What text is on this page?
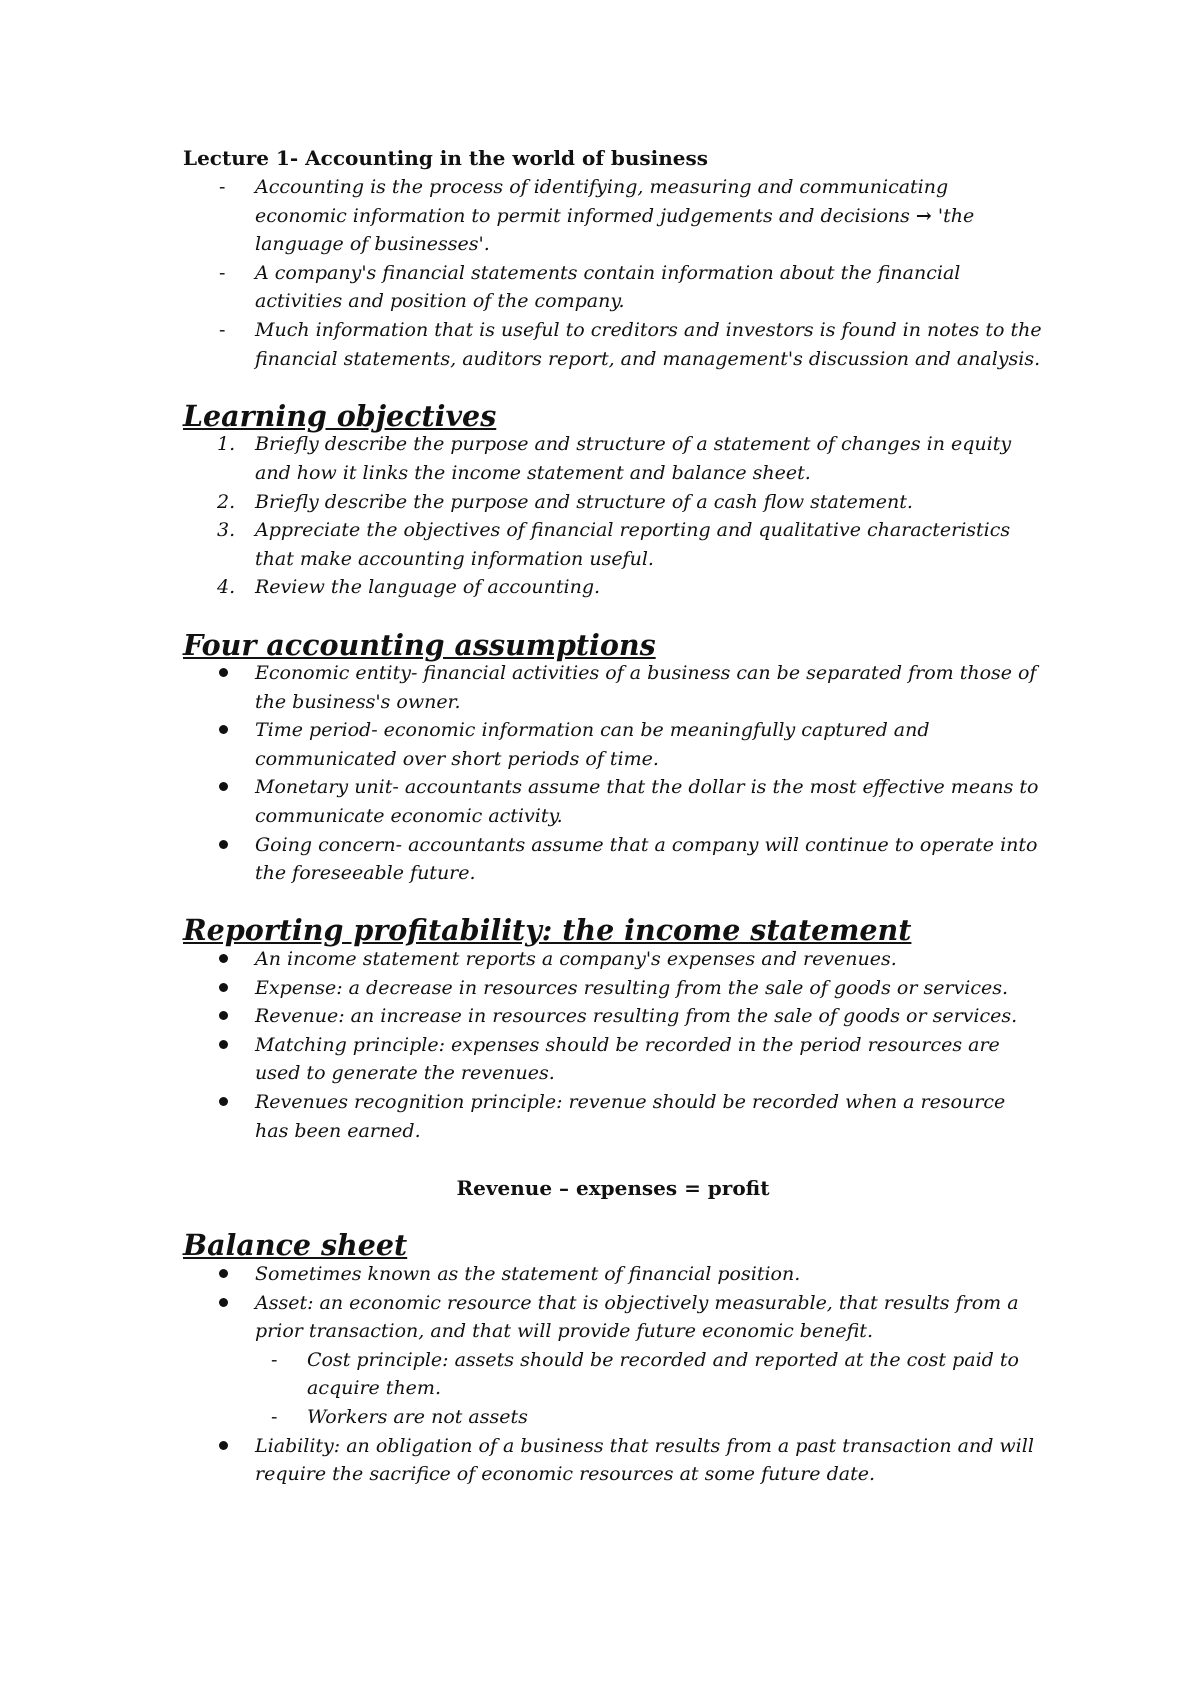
Lecture 1- Accounting in the world of business
- Accounting is the process of identifying, measuring and communicating economic information to permit informed judgements and decisions → 'the language of businesses'.
- A company's financial statements contain information about the financial activities and position of the company.
- Much information that is useful to creditors and investors is found in notes to the financial statements, auditors report, and management's discussion and analysis.
Learning objectives
1. Briefly describe the purpose and structure of a statement of changes in equity and how it links the income statement and balance sheet.
2. Briefly describe the purpose and structure of a cash flow statement.
3. Appreciate the objectives of financial reporting and qualitative characteristics that make accounting information useful.
4. Review the language of accounting.
Four accounting assumptions
Economic entity- financial activities of a business can be separated from those of the business's owner.
Time period- economic information can be meaningfully captured and communicated over short periods of time.
Monetary unit- accountants assume that the dollar is the most effective means to communicate economic activity.
Going concern- accountants assume that a company will continue to operate into the foreseeable future.
Reporting profitability: the income statement
An income statement reports a company's expenses and revenues.
Expense: a decrease in resources resulting from the sale of goods or services.
Revenue: an increase in resources resulting from the sale of goods or services.
Matching principle: expenses should be recorded in the period resources are used to generate the revenues.
Revenues recognition principle: revenue should be recorded when a resource has been earned.

Revenue – expenses = profit

Balance sheet
Sometimes known as the statement of financial position.
Asset: an economic resource that is objectively measurable, that results from a prior transaction, and that will provide future economic benefit.
- Cost principle: assets should be recorded and reported at the cost paid to acquire them.
- Workers are not assets
Liability: an obligation of a business that results from a past transaction and will require the sacrifice of economic resources at some future date.
